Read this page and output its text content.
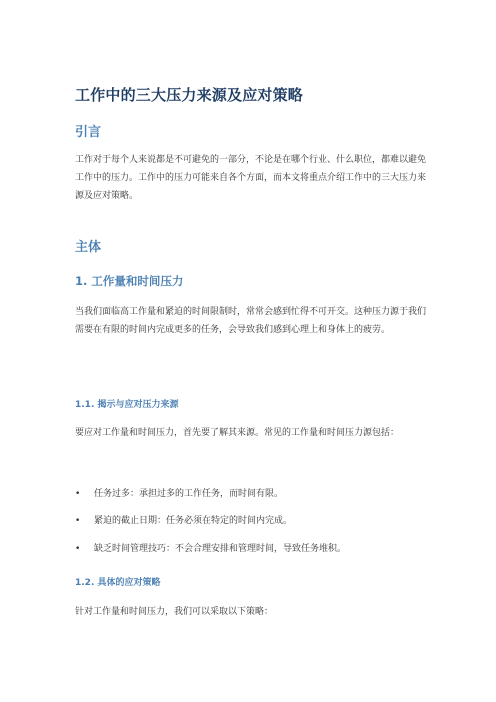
工作中的三大压力来源及应对策略
引言

工作对于每个人来说都是不可避免的一部分，不论是在哪个行业、什么职位，都难以避免工作中的压力。工作中的压力可能来自各个方面，而本文将重点介绍工作中的三大压力来源及应对策略。

主体
1. 工作量和时间压力

当我们面临高工作量和紧迫的时间限制时，常常会感到忙得不可开交。这种压力源于我们需要在有限的时间内完成更多的任务，会导致我们感到心理上和身体上的疲劳。

1.1. 揭示与应对压力来源

要应对工作量和时间压力，首先要了解其来源。常见的工作量和时间压力源包括：

• 任务过多：承担过多的工作任务，而时间有限。
• 紧迫的截止日期：任务必须在特定的时间内完成。
• 缺乏时间管理技巧：不会合理安排和管理时间，导致任务堆积。
1.2. 具体的应对策略

针对工作量和时间压力，我们可以采取以下策略：
